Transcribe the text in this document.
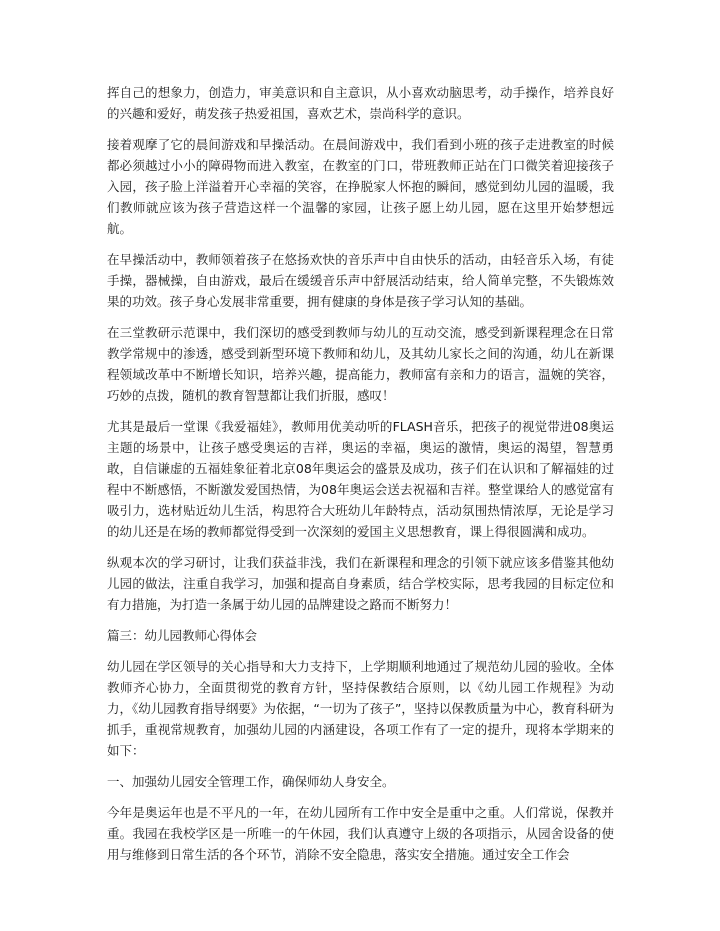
挥自己的想象力，创造力，审美意识和自主意识，从小喜欢动脑思考，动手操作，培养良好的兴趣和爱好，萌发孩子热爱祖国，喜欢艺术，崇尚科学的意识。

接着观摩了它的晨间游戏和早操活动。在晨间游戏中，我们看到小班的孩子走进教室的时候都必须越过小小的障碍物而进入教室，在教室的门口，带班教师正站在门口微笑着迎接孩子入园，孩子脸上洋溢着开心幸福的笑容，在挣脱家人怀抱的瞬间，感觉到幼儿园的温暖，我们教师就应该为孩子营造这样一个温馨的家园，让孩子愿上幼儿园，愿在这里开始梦想远航。

在早操活动中，教师领着孩子在悠扬欢快的音乐声中自由快乐的活动，由轻音乐入场，有徒手操，器械操，自由游戏，最后在缓缓音乐声中舒展活动结束，给人简单完整，不失锻炼效果的功效。孩子身心发展非常重要，拥有健康的身体是孩子学习认知的基础。

在三堂教研示范课中，我们深切的感受到教师与幼儿的互动交流，感受到新课程理念在日常教学常规中的渗透，感受到新型环境下教师和幼儿，及其幼儿家长之间的沟通，幼儿在新课程领域改革中不断增长知识，培养兴趣，提高能力，教师富有亲和力的语言，温婉的笑容，巧妙的点拨，随机的教育智慧都让我们折服，感叹！

尤其是最后一堂课《我爱福娃》，教师用优美动听的FLASH音乐，把孩子的视觉带进08奥运主题的场景中，让孩子感受奥运的吉祥，奥运的幸福，奥运的激情，奥运的渴望，智慧勇敢，自信谦虚的五福娃象征着北京08年奥运会的盛景及成功，孩子们在认识和了解福娃的过程中不断感悟，不断激发爱国热情，为08年奥运会送去祝福和吉祥。整堂课给人的感觉富有吸引力，选材贴近幼儿生活，构思符合大班幼儿年龄特点，活动氛围热情浓厚，无论是学习的幼儿还是在场的教师都觉得受到一次深刻的爱国主义思想教育，课上得很圆满和成功。

纵观本次的学习研讨，让我们获益非浅，我们在新课程和理念的引领下就应该多借鉴其他幼儿园的做法，注重自我学习，加强和提高自身素质，结合学校实际，思考我园的目标定位和有力措施，为打造一条属于幼儿园的品牌建设之路而不断努力！

篇三：幼儿园教师心得体会

幼儿园在学区领导的关心指导和大力支持下，上学期顺利地通过了规范幼儿园的验收。全体教师齐心协力，全面贯彻党的教育方针，坚持保教结合原则，以《幼儿园工作规程》为动力，《幼儿园教育指导纲要》为依据，“一切为了孩子”，坚持以保教质量为中心，教育科研为抓手，重视常规教育，加强幼儿园的内涵建设，各项工作有了一定的提升，现将本学期来的如下：

一、加强幼儿园安全管理工作，确保师幼人身安全。

今年是奥运年也是不平凡的一年，在幼儿园所有工作中安全是重中之重。人们常说，保教并重。我园在我校学区是一所唯一的午休园，我们认真遵守上级的各项指示，从园舍设备的使用与维修到日常生活的各个环节，消除不安全隐患，落实安全措施。通过安全工作会
